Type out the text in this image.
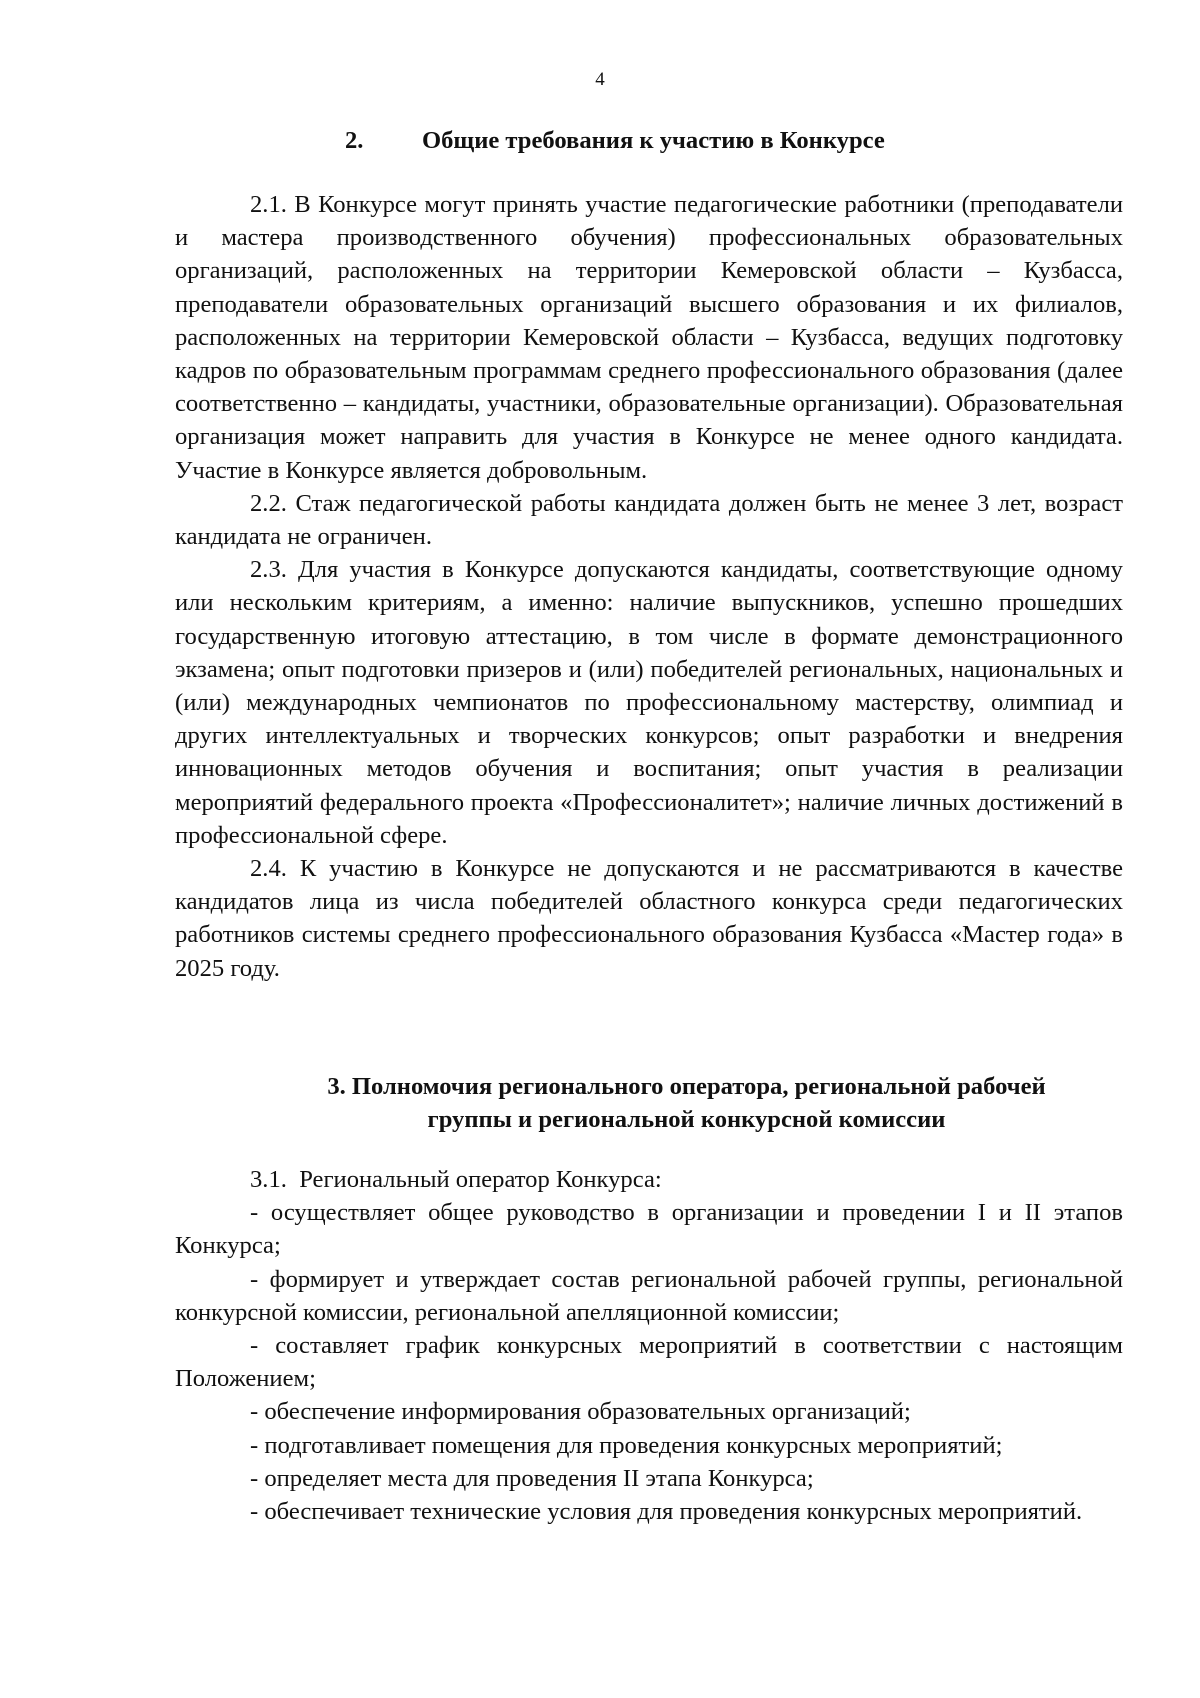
4
2. Общие требования к участию в Конкурсе

2.1. В Конкурсе могут принять участие педагогические работники (преподаватели и мастера производственного обучения) профессиональных образовательных организаций, расположенных на территории Кемеровской области – Кузбасса, преподаватели образовательных организаций высшего образования и их филиалов, расположенных на территории Кемеровской области – Кузбасса, ведущих подготовку кадров по образовательным программам среднего профессионального образования (далее соответственно – кандидаты, участники, образовательные организации). Образовательная организация может направить для участия в Конкурсе не менее одного кандидата. Участие в Конкурсе является добровольным.

2.2. Стаж педагогической работы кандидата должен быть не менее 3 лет, возраст кандидата не ограничен.

2.3. Для участия в Конкурсе допускаются кандидаты, соответствующие одному или нескольким критериям, а именно: наличие выпускников, успешно прошедших государственную итоговую аттестацию, в том числе в формате демонстрационного экзамена; опыт подготовки призеров и (или) победителей региональных, национальных и (или) международных чемпионатов по профессиональному мастерству, олимпиад и других интеллектуальных и творческих конкурсов; опыт разработки и внедрения инновационных методов обучения и воспитания; опыт участия в реализации мероприятий федерального проекта «Профессионалитет»; наличие личных достижений в профессиональной сфере.

2.4. К участию в Конкурсе не допускаются и не рассматриваются в качестве кандидатов лица из числа победителей областного конкурса среди педагогических работников системы среднего профессионального образования Кузбасса «Мастер года» в 2025 году.

3. Полномочия регионального оператора, региональной рабочей
группы и региональной конкурсной комиссии

3.1. Региональный оператор Конкурса:

- осуществляет общее руководство в организации и проведении I и II этапов Конкурса;

- формирует и утверждает состав региональной рабочей группы, региональной конкурсной комиссии, региональной апелляционной комиссии;

- составляет график конкурсных мероприятий в соответствии с настоящим Положением;

- обеспечение информирования образовательных организаций;

- подготавливает помещения для проведения конкурсных мероприятий;

- определяет места для проведения II этапа Конкурса;

- обеспечивает технические условия для проведения конкурсных мероприятий.
